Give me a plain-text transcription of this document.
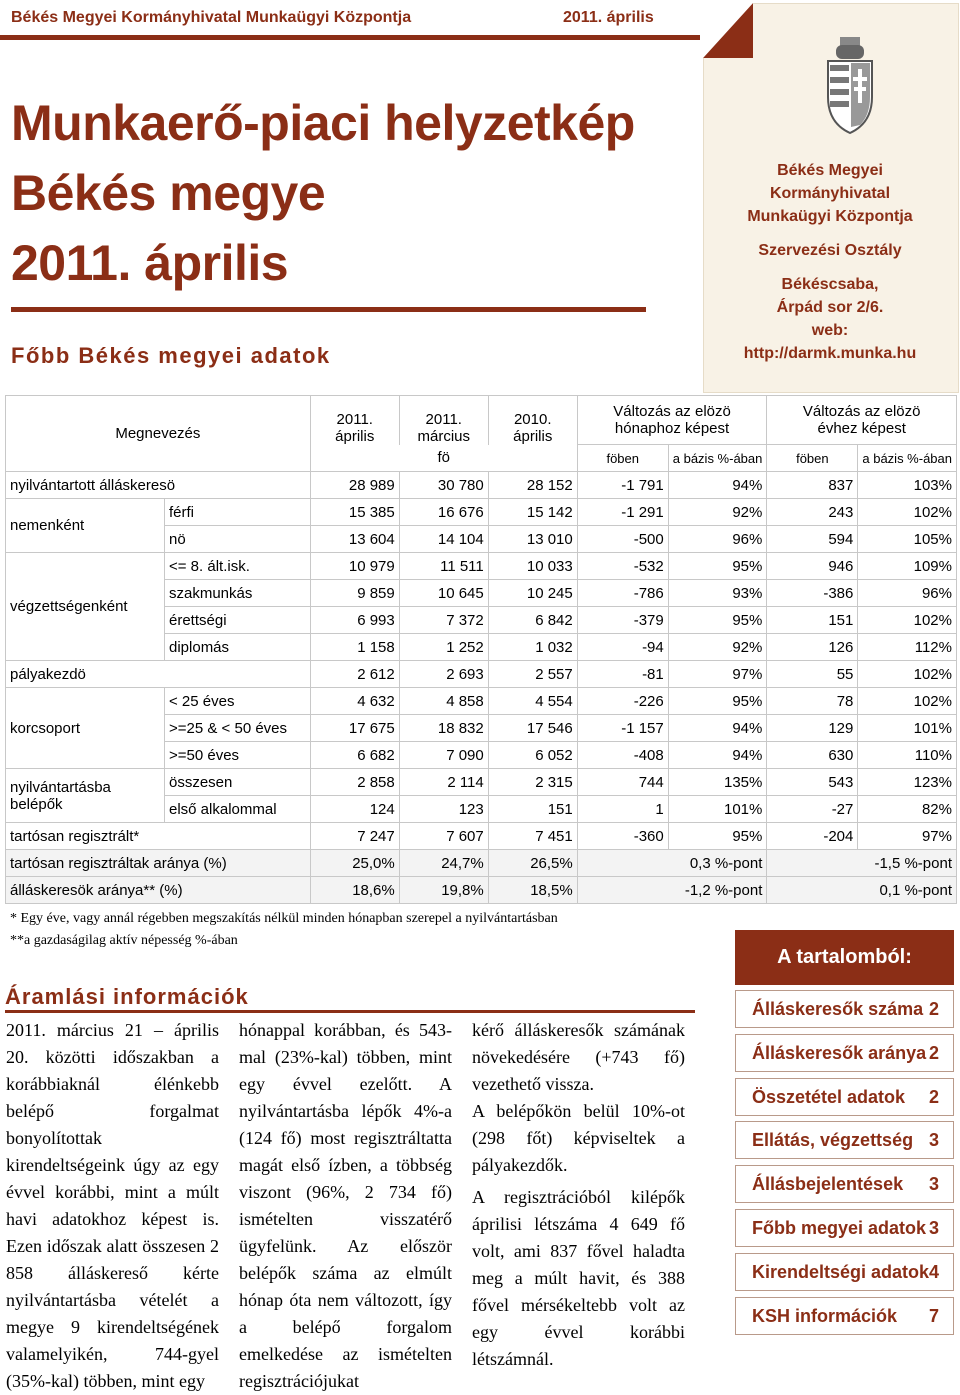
Békés Megyei Kormányhivatal Munkaügyi Központja	2011. április
Munkaerő-piaci helyzetkép
Békés megye
2011. április
Főbb Békés megyei adatok
Békés Megyei
Kormányhivatal
Munkaügyi Központja
Szervezési Osztály
Békéscsaba,
Árpád sor 2/6.
web:
http://darmk.munka.hu
Megnevezés		2011.
április	2011.
március	2010.
április	Változás az elözö
hónaphoz képest		Változás az elözö
évhez képest	
		fö			föben	a bázis %-ában	föben	a bázis %-ában
nyilvántartott álláskeresö		28 989	30 780	28 152	-1 791	94%	837	103%
nemenként	férfi	15 385	16 676	15 142	-1 291	92%	243	102%
	nö	13 604	14 104	13 010	-500	96%	594	105%
végzettségenként	<= 8. ált.isk.	10 979	11 511	10 033	-532	95%	946	109%
	szakmunkás	9 859	10 645	10 245	-786	93%	-386	96%
	érettségi	6 993	7 372	6 842	-379	95%	151	102%
	diplomás	1 158	1 252	1 032	-94	92%	126	112%
pályakezdö		2 612	2 693	2 557	-81	97%	55	102%
korcsoport	< 25 éves	4 632	4 858	4 554	-226	95%	78	102%
	>=25 & < 50 éves	17 675	18 832	17 546	-1 157	94%	129	101%
	>=50 éves	6 682	7 090	6 052	-408	94%	630	110%
nyilvántartásba
belépők	összesen	2 858	2 114	2 315	744	135%	543	123%
	első alkalommal	124	123	151	1	101%	-27	82%
tartósan regisztrált*		7 247	7 607	7 451	-360	95%	-204	97%
tartósan regisztráltak aránya (%)		25,0%	24,7%	26,5%	0,3 %-pont		-1,5 %-pont	
álláskeresök aránya** (%)		18,6%	19,8%	18,5%	-1,2 %-pont		0,1 %-pont	
* Egy éve, vagy annál régebben megszakítás nélkül minden hónapban szerepel a nyilvántartásban
**a gazdaságilag aktív népesség %-ában
Áramlási információk
2011. március 21 – április 20. közötti időszakban a korábbiaknál élénkebb belépő forgalmat bonyolítottak kirendeltségeink úgy az egy évvel korábbi, mint a múlt havi adatokhoz képest is. Ezen időszak alatt összesen 2 858 álláskereső kérte nyilvántartásba vételét a megye 9 kirendeltségének valamelyikén, 744-gyel (35%-kal) többen, mint egy
hónappal korábban, és 543-mal (23%-kal) többen, mint egy évvel ezelőtt. A nyilvántartásba lépők 4%-a (124 fő) most regisztráltatta magát első ízben, a többség viszont (96%, 2 734 fő) ismételten visszatérő ügyfelünk. Az először belépők száma az elmúlt hónap óta nem változott, így a belépő forgalom emelkedése az ismételten regisztrációjukat
kérő álláskeresők számának növekedésére (+743 fő) vezethető vissza.
A belépőkön belül 10%-ot (298 főt) képviseltek a pályakezdők.
A regisztrációból kilépők áprilisi létszáma 4 649 fő volt, ami 837 fővel haladta meg a múlt havit, és 388 fővel mérsékeltebb volt az egy évvel korábbi létszámnál.
A tartalomból:
Álláskeresők száma 2
Álláskeresők aránya 2
Összetétel adatok 2
Ellátás, végzettség 3
Állásbejelentések 3
Főbb megyei adatok 3
Kirendeltségi adatok 4
KSH információk 7
